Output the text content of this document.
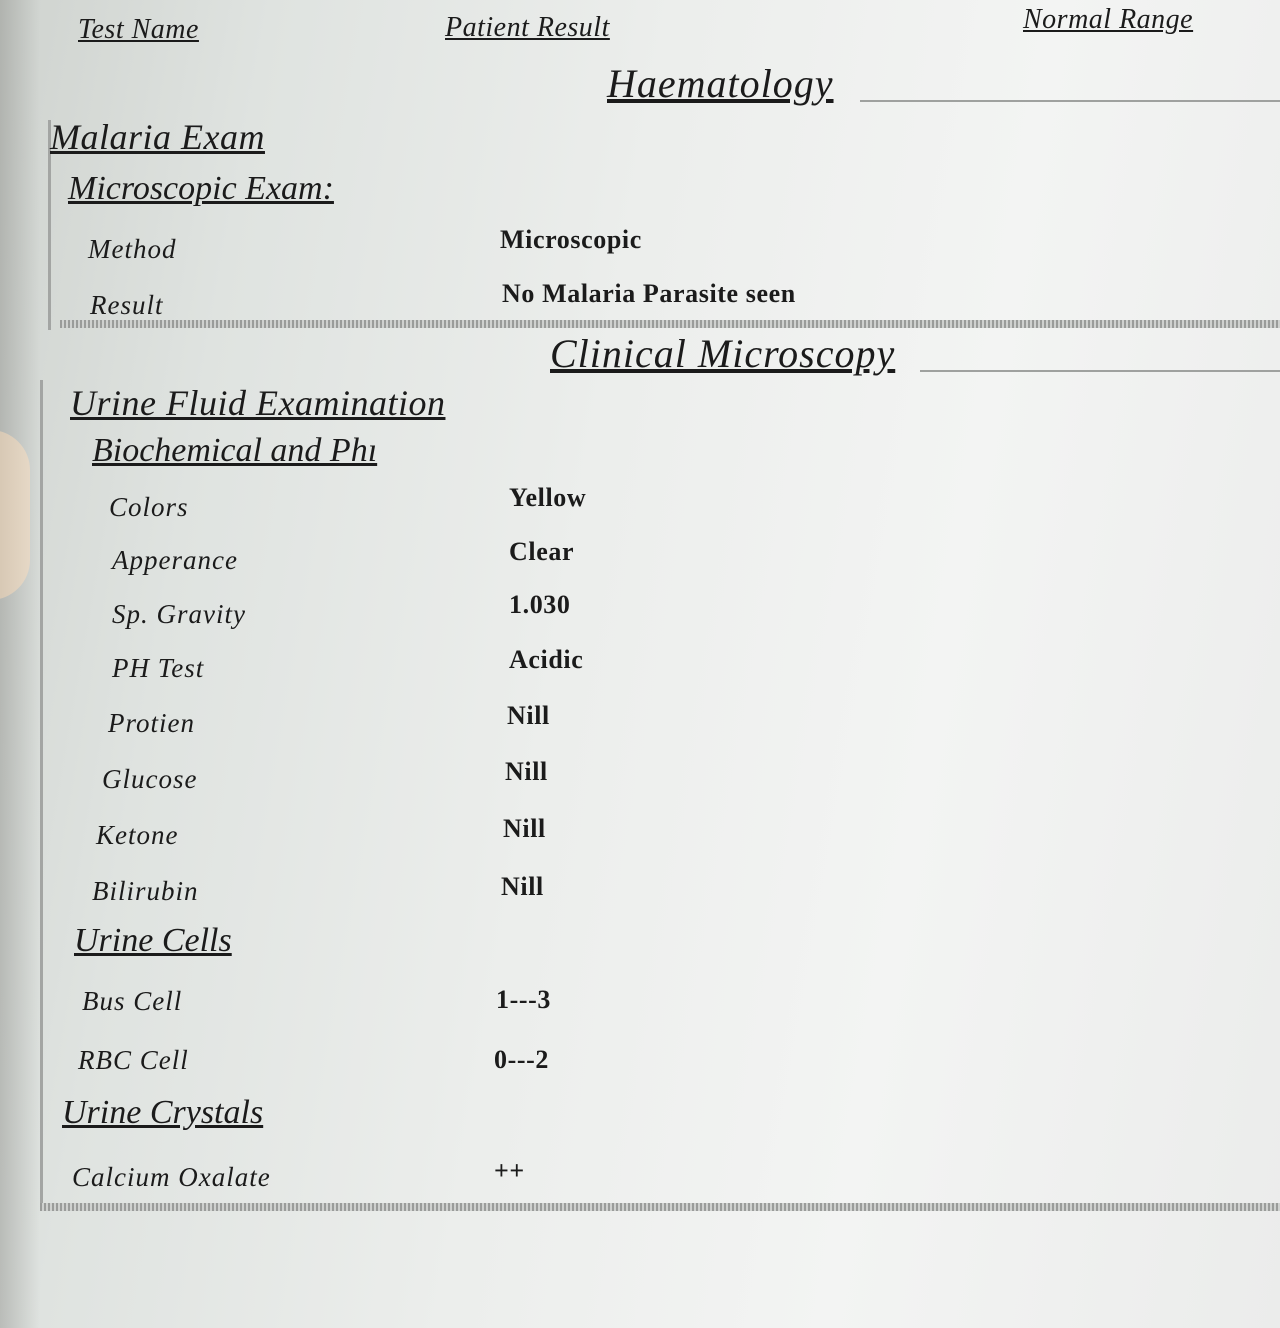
Test Name	Patient Result	Normal Range
Haematology
Malaria Exam
Microscopic Exam:
Method	Microscopic
Result	No Malaria Parasite seen
Clinical Microscopy
Urine Fluid Examination
Biochemical and Phı
Colors	Yellow
Apperance	Clear
Sp. Gravity	1.030
PH Test	Acidic
Protien	Nill
Glucose	Nill
Ketone	Nill
Bilirubin	Nill
Urine Cells
Bus Cell	1---3
RBC Cell	0---2
Urine Crystals
Calcium Oxalate	++
